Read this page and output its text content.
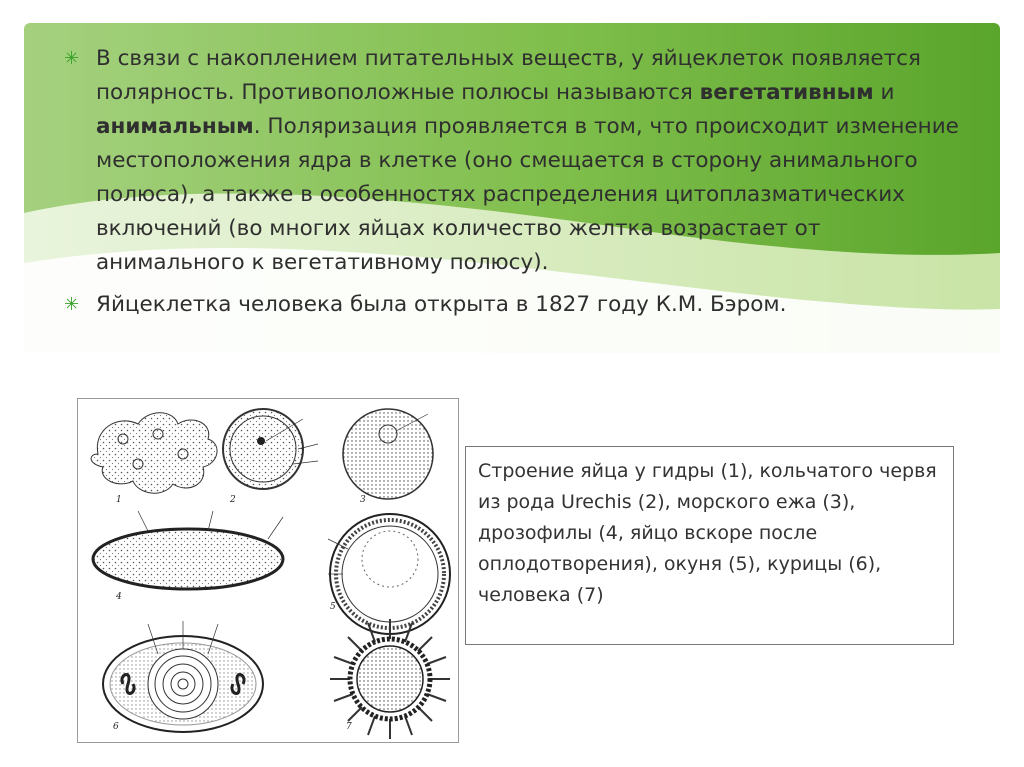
✳ В связи с накоплением питательных веществ, у яйцеклеток появляется полярность. Противоположные полюсы называются вегетативным и анимальным. Поляризация проявляется в том, что происходит изменение местоположения ядра в клетке (оно смещается в сторону анимального полюса), а также в особенностях распределения цитоплазматических включений (во многих яйцах количество желтка возрастает от анимального к вегетативному полюсу).
✳ Яйцеклетка человека была открыта в 1827 году К.М. Бэром.
1	2	3
4
5
6	7
Строение яйца у гидры (1), кольчатого червя из рода Urechis (2), морского ежа (3), дрозофилы (4, яйцо вскоре после оплодотворения), окуня (5), курицы (6), человека (7)
